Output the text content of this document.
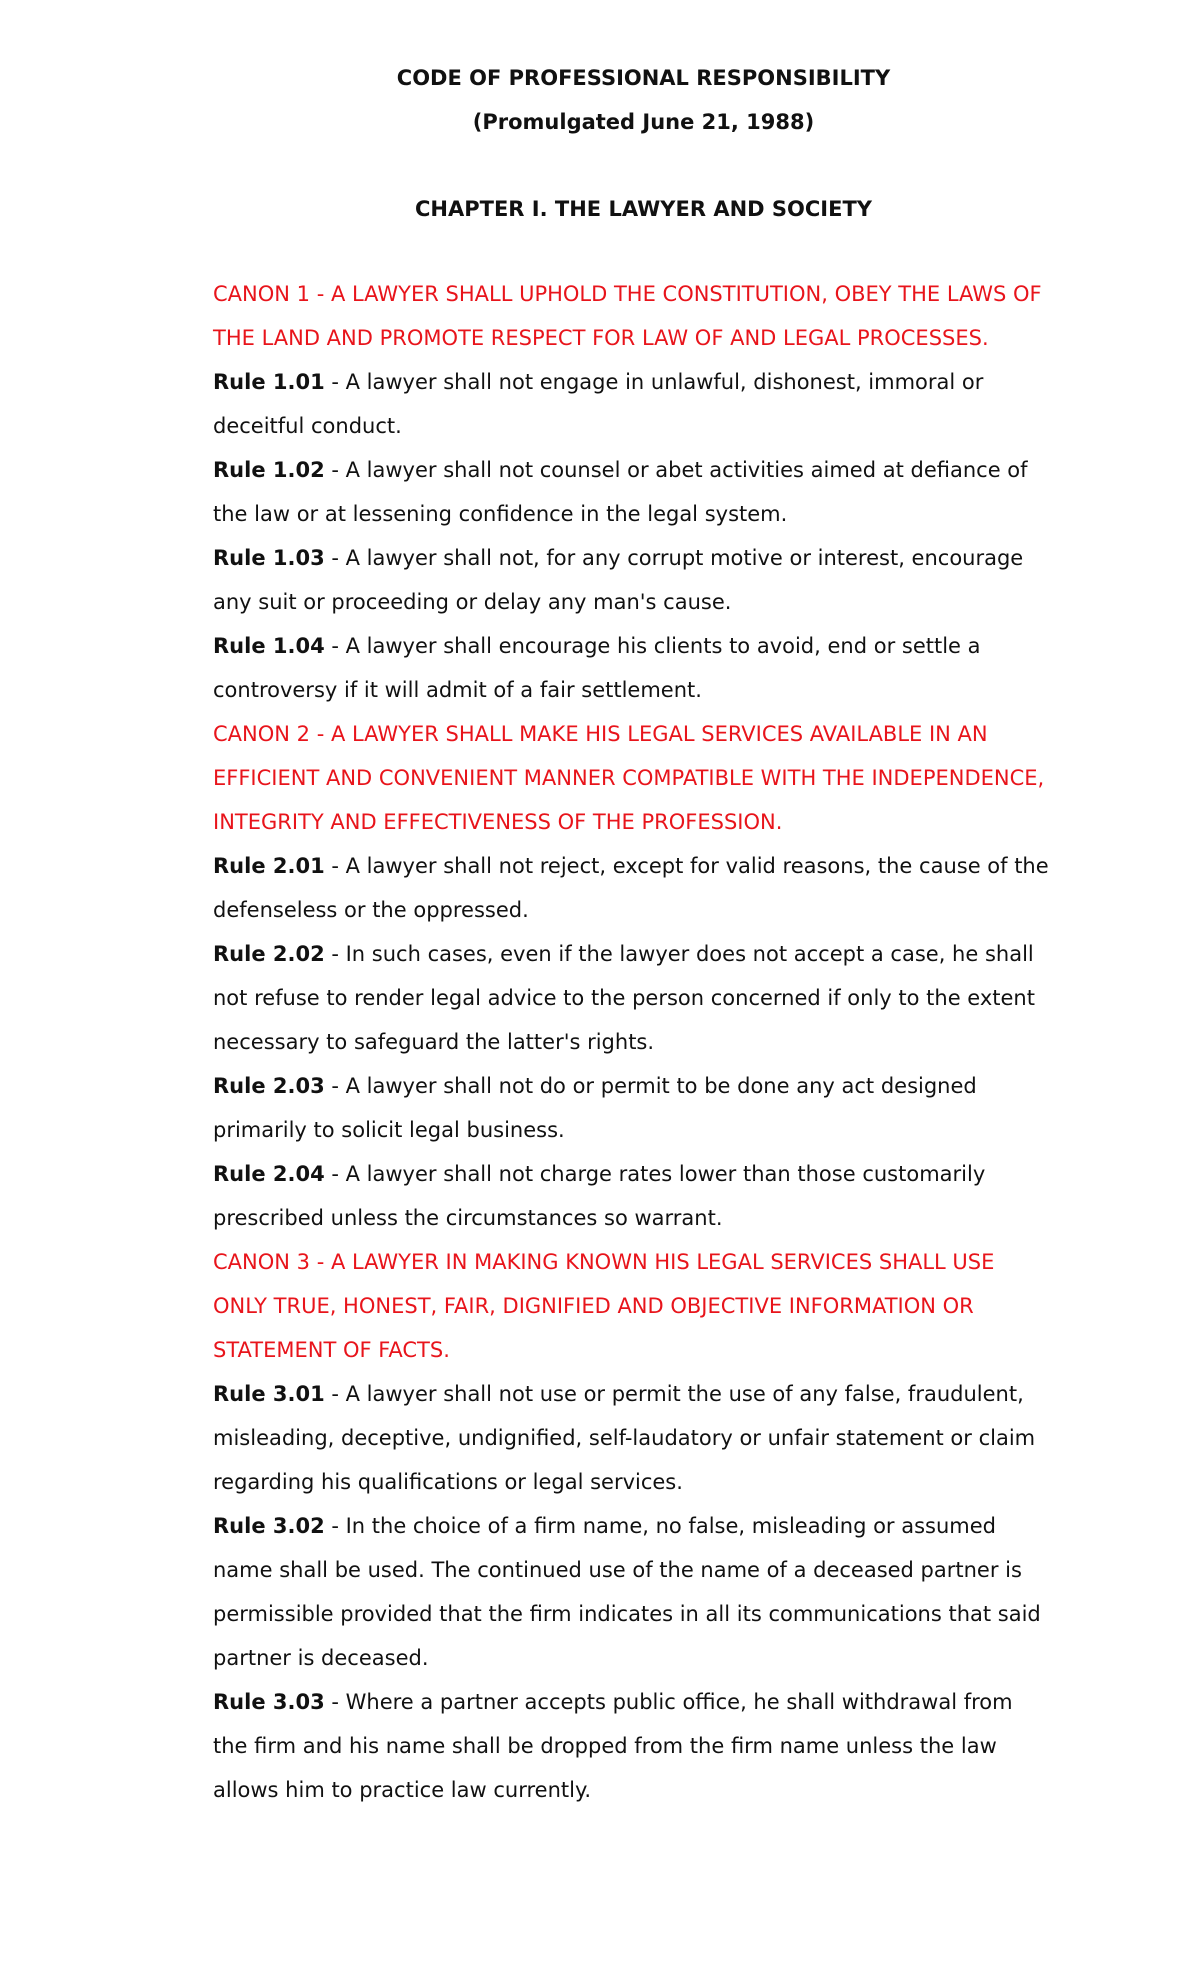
CODE OF PROFESSIONAL RESPONSIBILITY
(Promulgated June 21, 1988)
CHAPTER I. THE LAWYER AND SOCIETY

CANON 1 - A LAWYER SHALL UPHOLD THE CONSTITUTION, OBEY THE LAWS OF THE LAND AND PROMOTE RESPECT FOR LAW OF AND LEGAL PROCESSES.

Rule 1.01 - A lawyer shall not engage in unlawful, dishonest, immoral or deceitful conduct.

Rule 1.02 - A lawyer shall not counsel or abet activities aimed at defiance of the law or at lessening confidence in the legal system.

Rule 1.03 - A lawyer shall not, for any corrupt motive or interest, encourage any suit or proceeding or delay any man's cause.

Rule 1.04 - A lawyer shall encourage his clients to avoid, end or settle a controversy if it will admit of a fair settlement.

CANON 2 - A LAWYER SHALL MAKE HIS LEGAL SERVICES AVAILABLE IN AN EFFICIENT AND CONVENIENT MANNER COMPATIBLE WITH THE INDEPENDENCE, INTEGRITY AND EFFECTIVENESS OF THE PROFESSION.

Rule 2.01 - A lawyer shall not reject, except for valid reasons, the cause of the defenseless or the oppressed.

Rule 2.02 - In such cases, even if the lawyer does not accept a case, he shall not refuse to render legal advice to the person concerned if only to the extent necessary to safeguard the latter's rights.

Rule 2.03 - A lawyer shall not do or permit to be done any act designed primarily to solicit legal business.

Rule 2.04 - A lawyer shall not charge rates lower than those customarily prescribed unless the circumstances so warrant.

CANON 3 - A LAWYER IN MAKING KNOWN HIS LEGAL SERVICES SHALL USE ONLY TRUE, HONEST, FAIR, DIGNIFIED AND OBJECTIVE INFORMATION OR STATEMENT OF FACTS.

Rule 3.01 - A lawyer shall not use or permit the use of any false, fraudulent, misleading, deceptive, undignified, self-laudatory or unfair statement or claim regarding his qualifications or legal services.

Rule 3.02 - In the choice of a firm name, no false, misleading or assumed name shall be used. The continued use of the name of a deceased partner is permissible provided that the firm indicates in all its communications that said partner is deceased.

Rule 3.03 - Where a partner accepts public office, he shall withdrawal from the firm and his name shall be dropped from the firm name unless the law allows him to practice law currently.
